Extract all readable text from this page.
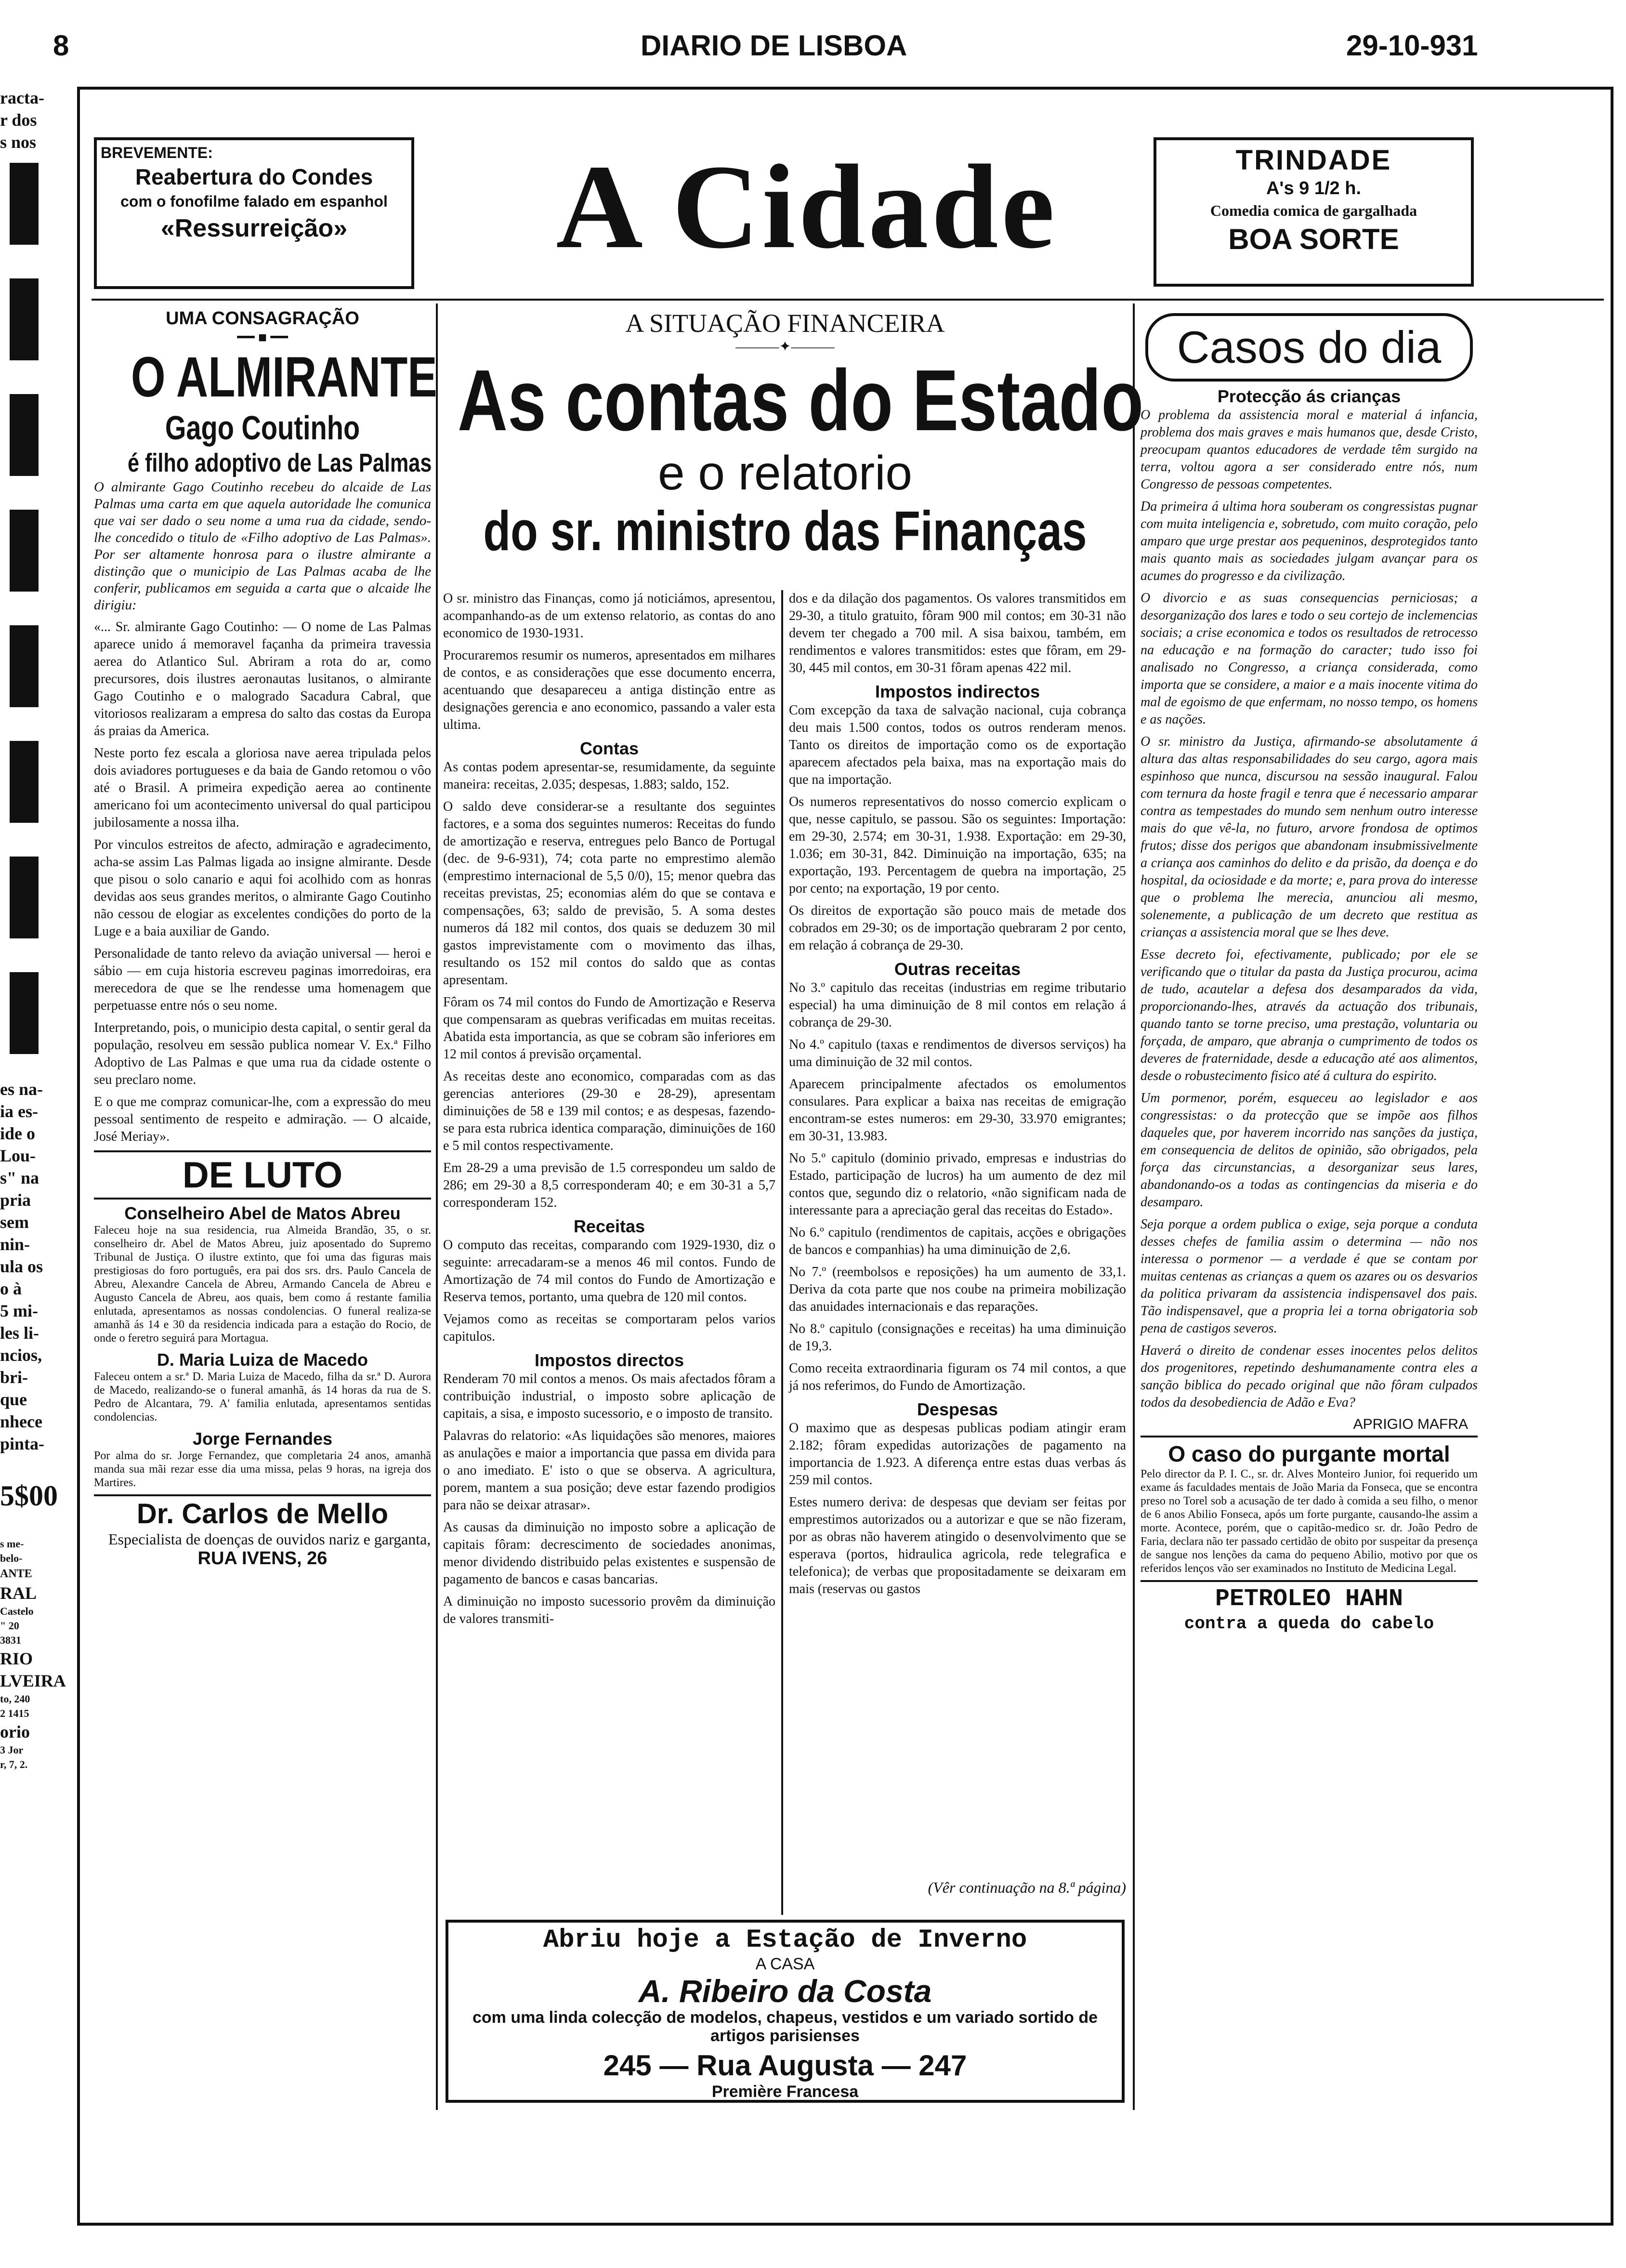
8	DIARIO DE LISBOA	29-10-931
racta-
r dos
s nos
es na-
ia es-
ide o
Lou-
s" na
pria
sem
nin-
ula os
o à
5 mi-
les li-
ncios,
bri-
que
nhece
pinta-
5$00
s me-
belo-
ANTE
RAL
Castelo
" 20
3831
RIO
LVEIRA
to, 240
2 1415
orio
3 Jor
r, 7, 2.
BREVEMENTE:
Reabertura do Condes
com o fonofilme falado em espanhol
«Ressurreição»	A Cidade	TRINDADE
A's 9 1/2 h.
Comedia comica de gargalhada
BOA SORTE
UMA CONSAGRAÇÃO
━━ ■ ━━
O ALMIRANTE
Gago Coutinho
é filho adoptivo de Las Palmas

O almirante Gago Coutinho recebeu do alcaide de Las Palmas uma carta em que aquela autoridade lhe comunica que vai ser dado o seu nome a uma rua da cidade, sendo-lhe concedido o titulo de «Filho adoptivo de Las Palmas». Por ser altamente honrosa para o ilustre almirante a distinção que o municipio de Las Palmas acaba de lhe conferir, publicamos em seguida a carta que o alcaide lhe dirigiu:

«... Sr. almirante Gago Coutinho: — O nome de Las Palmas aparece unido á memoravel façanha da primeira travessia aerea do Atlantico Sul. Abriram a rota do ar, como precursores, dois ilustres aeronautas lusitanos, o almirante Gago Coutinho e o malogrado Sacadura Cabral, que vitoriosos realizaram a empresa do salto das costas da Europa ás praias da America.

Neste porto fez escala a gloriosa nave aerea tripulada pelos dois aviadores portugueses e da baia de Gando retomou o vôo até o Brasil. A primeira expedição aerea ao continente americano foi um acontecimento universal do qual participou jubilosamente a nossa ilha.

Por vinculos estreitos de afecto, admiração e agradecimento, acha-se assim Las Palmas ligada ao insigne almirante. Desde que pisou o solo canario e aqui foi acolhido com as honras devidas aos seus grandes meritos, o almirante Gago Coutinho não cessou de elogiar as excelentes condições do porto de la Luge e a baia auxiliar de Gando.

Personalidade de tanto relevo da aviação universal — heroi e sábio — em cuja historia escreveu paginas imorredoiras, era merecedora de que se lhe rendesse uma homenagem que perpetuasse entre nós o seu nome.

Interpretando, pois, o municipio desta capital, o sentir geral da população, resolveu em sessão publica nomear V. Ex.ª Filho Adoptivo de Las Palmas e que uma rua da cidade ostente o seu preclaro nome.

E o que me compraz comunicar-lhe, com a expressão do meu pessoal sentimento de respeito e admiração. — O alcaide, José Meriay».

DE LUTO
Conselheiro Abel de Matos Abreu

Faleceu hoje na sua residencia, rua Almeida Brandão, 35, o sr. conselheiro dr. Abel de Matos Abreu, juiz aposentado do Supremo Tribunal de Justiça. O ilustre extinto, que foi uma das figuras mais prestigiosas do foro português, era pai dos srs. drs. Paulo Cancela de Abreu, Alexandre Cancela de Abreu, Armando Cancela de Abreu e Augusto Cancela de Abreu, aos quais, bem como á restante familia enlutada, apresentamos as nossas condolencias. O funeral realiza-se amanhã ás 14 e 30 da residencia indicada para a estação do Rocio, de onde o feretro seguirá para Mortagua.

D. Maria Luiza de Macedo

Faleceu ontem a sr.ª D. Maria Luiza de Macedo, filha da sr.ª D. Aurora de Macedo, realizando-se o funeral amanhã, ás 14 horas da rua de S. Pedro de Alcantara, 79. A' familia enlutada, apresentamos sentidas condolencias.

Jorge Fernandes

Por alma do sr. Jorge Fernandez, que completaria 24 anos, amanhã manda sua mãi rezar esse dia uma missa, pelas 9 horas, na igreja dos Martires.

Dr. Carlos de Mello
Especialista de doenças de ouvidos nariz e garganta,
RUA IVENS, 26
A SITUAÇÃO FINANCEIRA
———✦———
As contas do Estado
e o relatorio
do sr. ministro das Finanças

O sr. ministro das Finanças, como já noticiámos, apresentou, acompanhando-as de um extenso relatorio, as contas do ano economico de 1930-1931.

Procuraremos resumir os numeros, apresentados em milhares de contos, e as considerações que esse documento encerra, acentuando que desapareceu a antiga distinção entre as designações gerencia e ano economico, passando a valer esta ultima.

Contas

As contas podem apresentar-se, resumidamente, da seguinte maneira: receitas, 2.035; despesas, 1.883; saldo, 152.

O saldo deve considerar-se a resultante dos seguintes factores, e a soma dos seguintes numeros: Receitas do fundo de amortização e reserva, entregues pelo Banco de Portugal (dec. de 9-6-931), 74; cota parte no emprestimo alemão (emprestimo internacional de 5,5 0/0), 15; menor quebra das receitas previstas, 25; economias além do que se contava e compensações, 63; saldo de previsão, 5. A soma destes numeros dá 182 mil contos, dos quais se deduzem 30 mil gastos imprevistamente com o movimento das ilhas, resultando os 152 mil contos do saldo que as contas apresentam.

Fôram os 74 mil contos do Fundo de Amortização e Reserva que compensaram as quebras verificadas em muitas receitas. Abatida esta importancia, as que se cobram são inferiores em 12 mil contos á previsão orçamental.

As receitas deste ano economico, comparadas com as das gerencias anteriores (29-30 e 28-29), apresentam diminuições de 58 e 139 mil contos; e as despesas, fazendo-se para esta rubrica identica comparação, diminuições de 160 e 5 mil contos respectivamente.

Em 28-29 a uma previsão de 1.5 correspondeu um saldo de 286; em 29-30 a 8,5 corresponderam 40; e em 30-31 a 5,7 corresponderam 152.

Receitas

O computo das receitas, comparando com 1929-1930, diz o seguinte: arrecadaram-se a menos 46 mil contos. Fundo de Amortização de 74 mil contos do Fundo de Amortização e Reserva temos, portanto, uma quebra de 120 mil contos.

Vejamos como as receitas se comportaram pelos varios capitulos.

Impostos directos

Renderam 70 mil contos a menos. Os mais afectados fôram a contribuição industrial, o imposto sobre aplicação de capitais, a sisa, e imposto sucessorio, e o imposto de transito.

Palavras do relatorio: «As liquidações são menores, maiores as anulações e maior a importancia que passa em divida para o ano imediato. E' isto o que se observa. A agricultura, porem, mantem a sua posição; deve estar fazendo prodigios para não se deixar atrasar».

As causas da diminuição no imposto sobre a aplicação de capitais fôram: decrescimento de sociedades anonimas, menor dividendo distribuido pelas existentes e suspensão de pagamento de bancos e casas bancarias.

A diminuição no imposto sucessorio provêm da diminuição de valores transmiti-

dos e da dilação dos pagamentos. Os valores transmitidos em 29-30, a titulo gratuito, fôram 900 mil contos; em 30-31 não devem ter chegado a 700 mil. A sisa baixou, também, em rendimentos e valores transmitidos: estes que fôram, em 29-30, 445 mil contos, em 30-31 fôram apenas 422 mil.

Impostos indirectos

Com excepção da taxa de salvação nacional, cuja cobrança deu mais 1.500 contos, todos os outros renderam menos. Tanto os direitos de importação como os de exportação aparecem afectados pela baixa, mas na exportação mais do que na importação.

Os numeros representativos do nosso comercio explicam o que, nesse capitulo, se passou. São os seguintes: Importação: em 29-30, 2.574; em 30-31, 1.938. Exportação: em 29-30, 1.036; em 30-31, 842. Diminuição na importação, 635; na exportação, 193. Percentagem de quebra na importação, 25 por cento; na exportação, 19 por cento.

Os direitos de exportação são pouco mais de metade dos cobrados em 29-30; os de importação quebraram 2 por cento, em relação á cobrança de 29-30.

Outras receitas

No 3.º capitulo das receitas (industrias em regime tributario especial) ha uma diminuição de 8 mil contos em relação á cobrança de 29-30.

No 4.º capitulo (taxas e rendimentos de diversos serviços) ha uma diminuição de 32 mil contos.

Aparecem principalmente afectados os emolumentos consulares. Para explicar a baixa nas receitas de emigração encontram-se estes numeros: em 29-30, 33.970 emigrantes; em 30-31, 13.983.

No 5.º capitulo (dominio privado, empresas e industrias do Estado, participação de lucros) ha um aumento de dez mil contos que, segundo diz o relatorio, «não significam nada de interessante para a apreciação geral das receitas do Estado».

No 6.º capitulo (rendimentos de capitais, acções e obrigações de bancos e companhias) ha uma diminuição de 2,6.

No 7.º (reembolsos e reposições) ha um aumento de 33,1. Deriva da cota parte que nos coube na primeira mobilização das anuidades internacionais e das reparações.

No 8.º capitulo (consignações e receitas) ha uma diminuição de 19,3.

Como receita extraordinaria figuram os 74 mil contos, a que já nos referimos, do Fundo de Amortização.

Despesas

O maximo que as despesas publicas podiam atingir eram 2.182; fôram expedidas autorizações de pagamento na importancia de 1.923. A diferença entre estas duas verbas ás 259 mil contos.

Estes numero deriva: de despesas que deviam ser feitas por emprestimos autorizados ou a autorizar e que se não fizeram, por as obras não haverem atingido o desenvolvimento que se esperava (portos, hidraulica agricola, rede telegrafica e telefonica); de verbas que propositadamente se deixaram em mais (reservas ou gastos

(Vêr continuação na 8.ª página)
Abriu hoje a Estação de Inverno
A CASA
A. Ribeiro da Costa
com uma linda colecção de modelos, chapeus, vestidos e um variado sortido de artigos parisienses
245 — Rua Augusta — 247
Première Francesa
Casos do dia
Protecção ás crianças

O problema da assistencia moral e material á infancia, problema dos mais graves e mais humanos que, desde Cristo, preocupam quantos educadores de verdade têm surgido na terra, voltou agora a ser considerado entre nós, num Congresso de pessoas competentes.

Da primeira á ultima hora souberam os congressistas pugnar com muita inteligencia e, sobretudo, com muito coração, pelo amparo que urge prestar aos pequeninos, desprotegidos tanto mais quanto mais as sociedades julgam avançar para os acumes do progresso e da civilização.

O divorcio e as suas consequencias perniciosas; a desorganização dos lares e todo o seu cortejo de inclemencias sociais; a crise economica e todos os resultados de retrocesso na educação e na formação do caracter; tudo isso foi analisado no Congresso, a criança considerada, como importa que se considere, a maior e a mais inocente vitima do mal de egoismo de que enfermam, no nosso tempo, os homens e as nações.

O sr. ministro da Justiça, afirmando-se absolutamente á altura das altas responsabilidades do seu cargo, agora mais espinhoso que nunca, discursou na sessão inaugural. Falou com ternura da hoste fragil e tenra que é necessario amparar contra as tempestades do mundo sem nenhum outro interesse mais do que vê-la, no futuro, arvore frondosa de optimos frutos; disse dos perigos que abandonam insubmissivelmente a criança aos caminhos do delito e da prisão, da doença e do hospital, da ociosidade e da morte; e, para prova do interesse que o problema lhe merecia, anunciou ali mesmo, solenemente, a publicação de um decreto que restitua as crianças a assistencia moral que se lhes deve.

Esse decreto foi, efectivamente, publicado; por ele se verificando que o titular da pasta da Justiça procurou, acima de tudo, acautelar a defesa dos desamparados da vida, proporcionando-lhes, através da actuação dos tribunais, quando tanto se torne preciso, uma prestação, voluntaria ou forçada, de amparo, que abranja o cumprimento de todos os deveres de fraternidade, desde a educação até aos alimentos, desde o robustecimento fisico até á cultura do espirito.

Um pormenor, porém, esqueceu ao legislador e aos congressistas: o da protecção que se impõe aos filhos daqueles que, por haverem incorrido nas sanções da justiça, em consequencia de delitos de opinião, são obrigados, pela força das circunstancias, a desorganizar seus lares, abandonando-os a todas as contingencias da miseria e do desamparo.

Seja porque a ordem publica o exige, seja porque a conduta desses chefes de familia assim o determina — não nos interessa o pormenor — a verdade é que se contam por muitas centenas as crianças a quem os azares ou os desvarios da politica privaram da assistencia indispensavel dos pais. Tão indispensavel, que a propria lei a torna obrigatoria sob pena de castigos severos.

Haverá o direito de condenar esses inocentes pelos delitos dos progenitores, repetindo deshumanamente contra eles a sanção biblica do pecado original que não fôram culpados todos da desobediencia de Adão e Eva?

APRIGIO MAFRA
O caso do purgante mortal

Pelo director da P. I. C., sr. dr. Alves Monteiro Junior, foi requerido um exame ás faculdades mentais de João Maria da Fonseca, que se encontra preso no Torel sob a acusação de ter dado à comida a seu filho, o menor de 6 anos Abilio Fonseca, após um forte purgante, causando-lhe assim a morte. Acontece, porém, que o capitão-medico sr. dr. João Pedro de Faria, declara não ter passado certidão de obito por suspeitar da presença de sangue nos lenções da cama do pequeno Abilio, motivo por que os referidos lenços vão ser examinados no Instituto de Medicina Legal.

PETROLEO HAHN
contra a queda do cabelo
